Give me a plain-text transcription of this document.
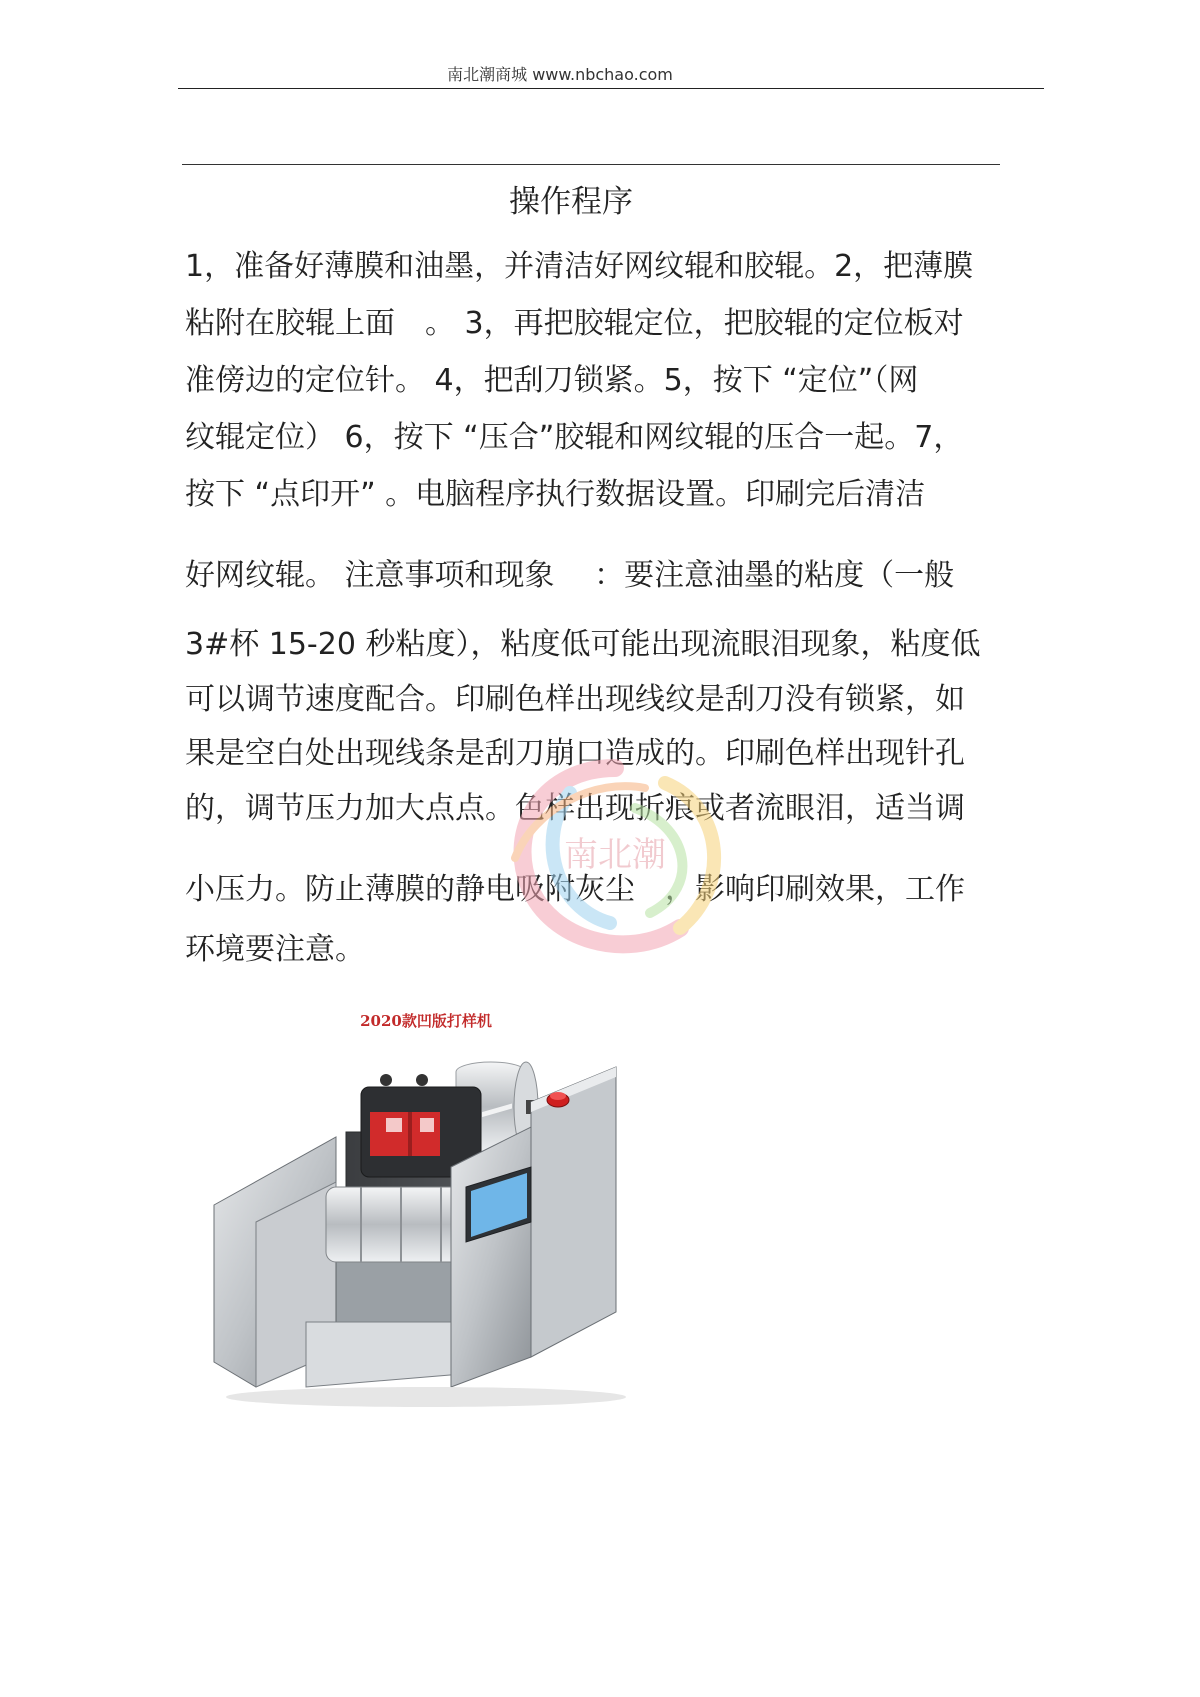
南北潮商城 www.nbchao.com
操作程序
1，准备好薄膜和油墨，并清洁好网纹辊和胶辊。2，把薄膜
粘附在胶辊上面　。 3，再把胶辊定位，把胶辊的定位板对
准傍边的定位针。 4，把刮刀锁紧。5，按下 “定位”（网
纹辊定位） 6，按下 “压合”胶辊和网纹辊的压合一起。7，
按下 “点印开” 。电脑程序执行数据设置。印刷完后清洁
好网纹辊。 注意事项和现象　 ：要注意油墨的粘度（一般
3#杯 15-20 秒粘度），粘度低可能出现流眼泪现象，粘度低
可以调节速度配合。印刷色样出现线纹是刮刀没有锁紧，如
果是空白处出现线条是刮刀崩口造成的。印刷色样出现针孔
的，调节压力加大点点。色样出现折痕或者流眼泪，适当调
小压力。防止薄膜的静电吸附灰尘　，影响印刷效果，工作
环境要注意。
南北潮
2020款凹版打样机
